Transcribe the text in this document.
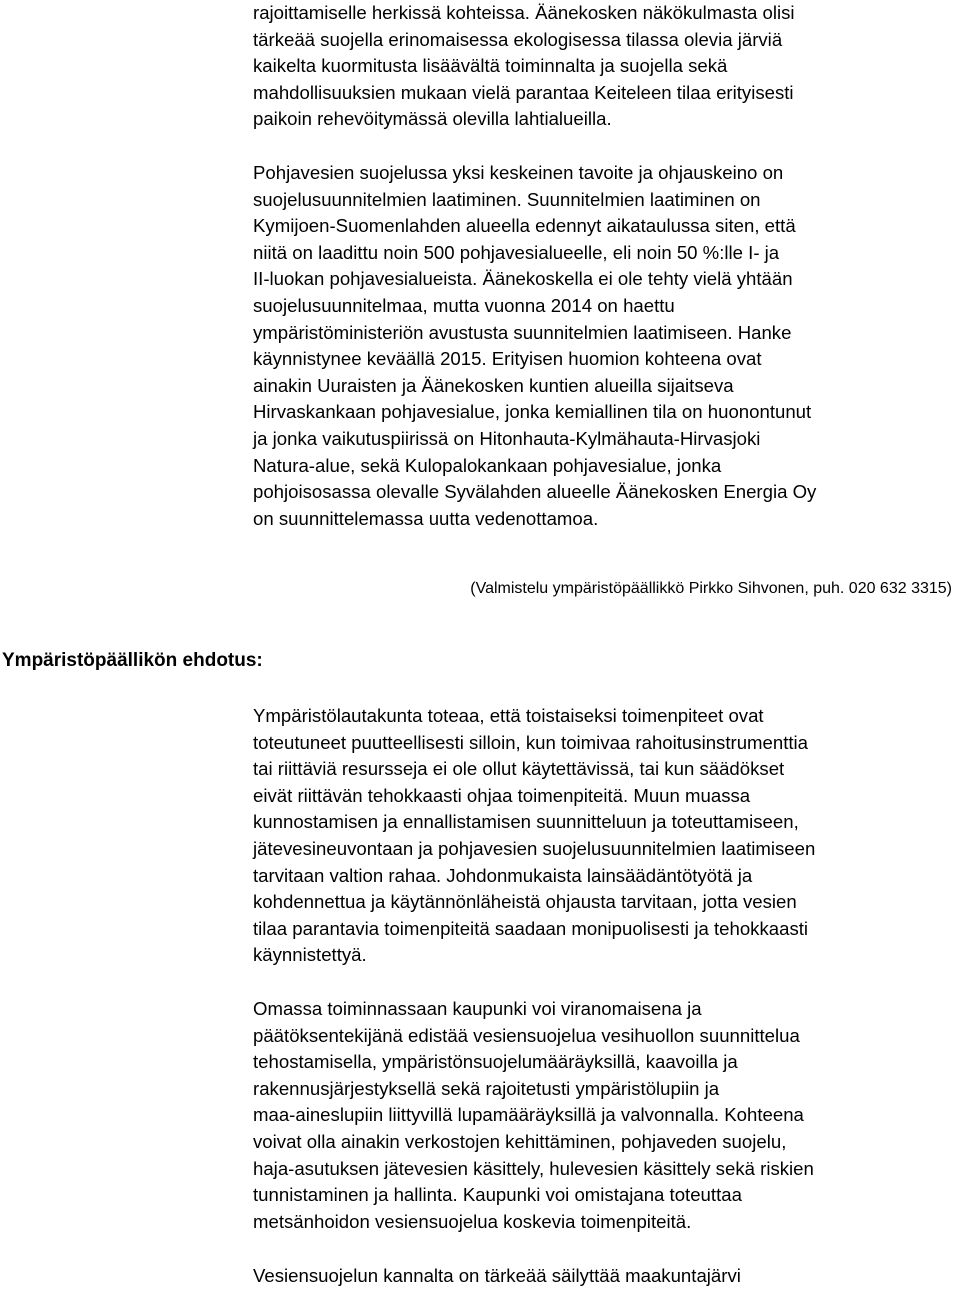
rajoittamiselle herkissä kohteissa. Äänekosken näkökulmasta olisi
tärkeää suojella erinomaisessa ekologisessa tilassa olevia järviä
kaikelta kuormitusta lisäävältä toiminnalta ja suojella sekä
mahdollisuuksien mukaan vielä parantaa Keiteleen tilaa erityisesti
paikoin rehevöitymässä olevilla lahtialueilla.
Pohjavesien suojelussa yksi keskeinen tavoite ja ohjauskeino on
suojelusuunnitelmien laatiminen. Suunnitelmien laatiminen on
Kymijoen-Suomenlahden alueella edennyt aikataulussa siten, että
niitä on laadittu noin 500 pohjavesialueelle, eli noin 50 %:lle I- ja
II-luokan pohjavesialueista. Äänekoskella ei ole tehty vielä yhtään
suojelusuunnitelmaa, mutta vuonna 2014 on haettu
ympäristöministeriön avustusta suunnitelmien laatimiseen. Hanke
käynnistynee keväällä 2015. Erityisen huomion kohteena ovat
ainakin Uuraisten ja Äänekosken kuntien alueilla sijaitseva
Hirvaskankaan pohjavesialue, jonka kemiallinen tila on huonontunut
ja jonka vaikutuspiirissä on Hitonhauta-Kylmähauta-Hirvasjoki
Natura-alue, sekä Kulopalokankaan pohjavesialue, jonka
pohjoisosassa olevalle Syvälahden alueelle Äänekosken Energia Oy
on suunnittelemassa uutta vedenottamoa.
(Valmistelu ympäristöpäällikkö Pirkko Sihvonen, puh. 020 632 3315)
Ympäristöpäällikön ehdotus:
Ympäristölautakunta toteaa, että toistaiseksi toimenpiteet ovat
toteutuneet puutteellisesti silloin, kun toimivaa rahoitusinstrumenttia
tai riittäviä resursseja ei ole ollut käytettävissä, tai kun säädökset
eivät riittävän tehokkaasti ohjaa toimenpiteitä. Muun muassa
kunnostamisen ja ennallistamisen suunnitteluun ja toteuttamiseen,
jätevesineuvontaan ja pohjavesien suojelusuunnitelmien laatimiseen
tarvitaan valtion rahaa. Johdonmukaista lainsäädäntötyötä ja
kohdennettua ja käytännönläheistä ohjausta tarvitaan, jotta vesien
tilaa parantavia toimenpiteitä saadaan monipuolisesti ja tehokkaasti
käynnistettyä.
Omassa toiminnassaan kaupunki voi viranomaisena ja
päätöksentekijänä edistää vesiensuojelua vesihuollon suunnittelua
tehostamisella, ympäristönsuojelumääräyksillä, kaavoilla ja
rakennusjärjestyksellä sekä rajoitetusti ympäristölupiin ja
maa-aineslupiin liittyvillä lupamääräyksillä ja valvonnalla. Kohteena
voivat olla ainakin verkostojen kehittäminen, pohjaveden suojelu,
haja-asutuksen jätevesien käsittely, hulevesien käsittely sekä riskien
tunnistaminen ja hallinta. Kaupunki voi omistajana toteuttaa
metsänhoidon vesiensuojelua koskevia toimenpiteitä.
Vesiensuojelun kannalta on tärkeää säilyttää maakuntajärvi
